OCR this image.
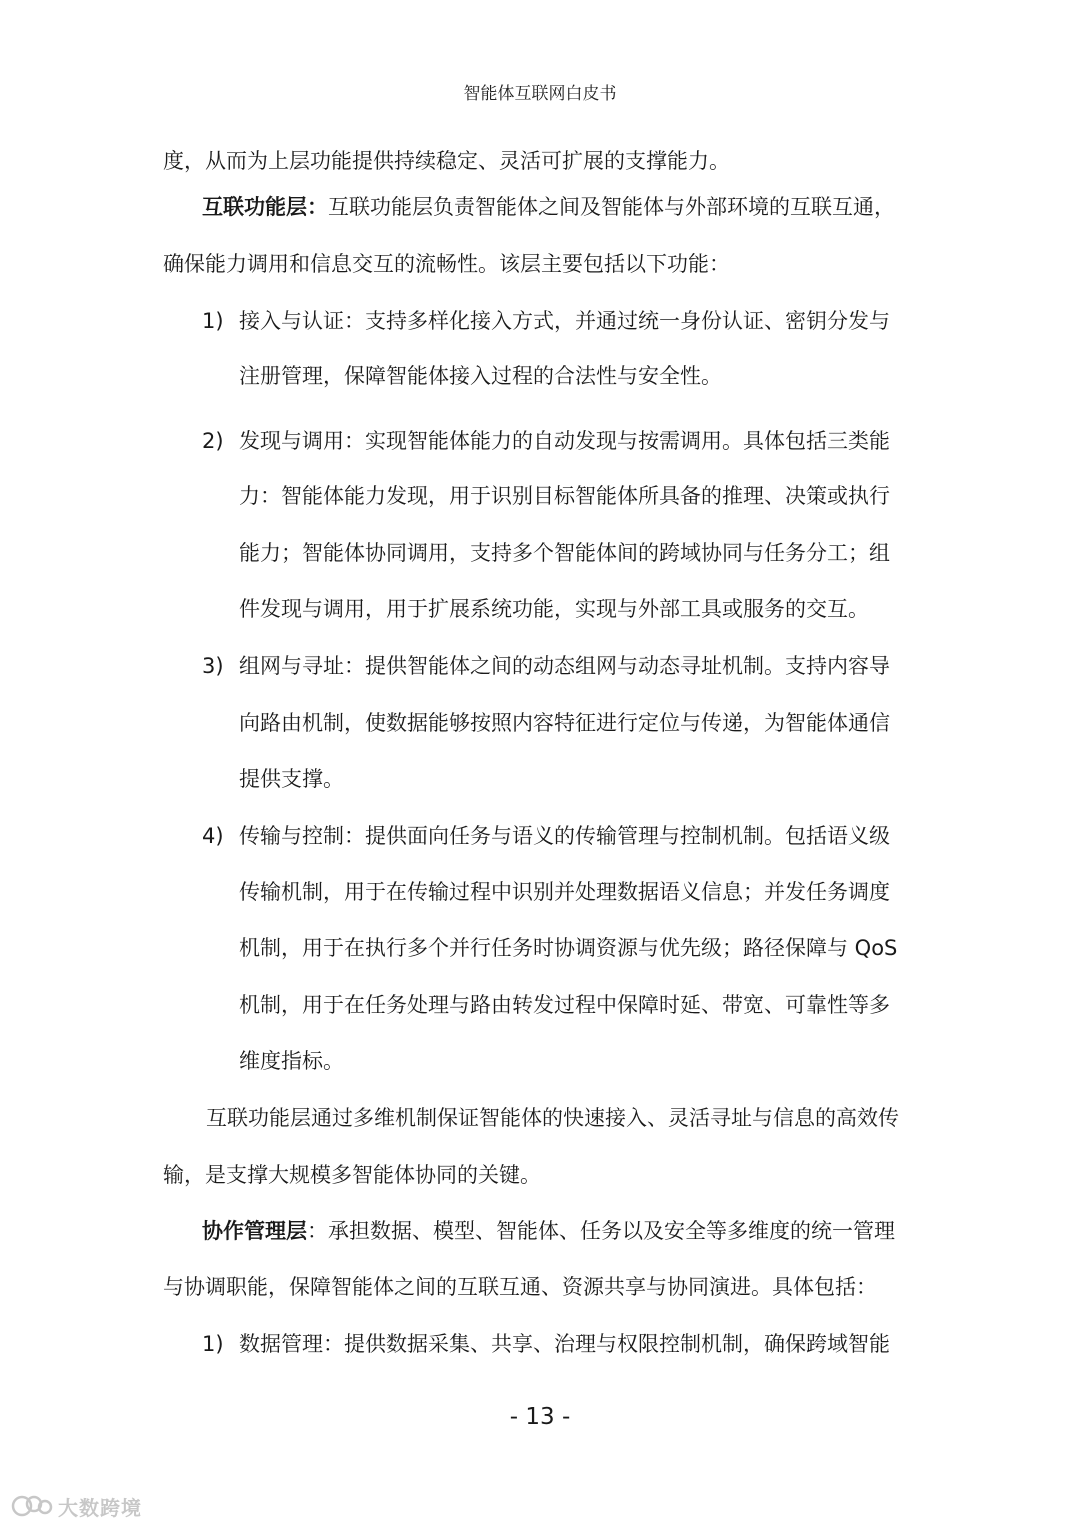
智能体互联网白皮书
度，从而为上层功能提供持续稳定、灵活可扩展的支撑能力。
互联功能层：互联功能层负责智能体之间及智能体与外部环境的互联互通，
确保能力调用和信息交互的流畅性。该层主要包括以下功能：
1) 接入与认证：支持多样化接入方式，并通过统一身份认证、密钥分发与
注册管理，保障智能体接入过程的合法性与安全性。
2) 发现与调用：实现智能体能力的自动发现与按需调用。具体包括三类能
力：智能体能力发现，用于识别目标智能体所具备的推理、决策或执行
能力；智能体协同调用，支持多个智能体间的跨域协同与任务分工；组
件发现与调用，用于扩展系统功能，实现与外部工具或服务的交互。
3) 组网与寻址：提供智能体之间的动态组网与动态寻址机制。支持内容导
向路由机制，使数据能够按照内容特征进行定位与传递，为智能体通信
提供支撑。
4) 传输与控制：提供面向任务与语义的传输管理与控制机制。包括语义级
传输机制，用于在传输过程中识别并处理数据语义信息；并发任务调度
机制，用于在执行多个并行任务时协调资源与优先级；路径保障与 QoS
机制，用于在任务处理与路由转发过程中保障时延、带宽、可靠性等多
维度指标。
互联功能层通过多维机制保证智能体的快速接入、灵活寻址与信息的高效传
输，是支撑大规模多智能体协同的关键。
协作管理层：承担数据、模型、智能体、任务以及安全等多维度的统一管理
与协调职能，保障智能体之间的互联互通、资源共享与协同演进。具体包括：
1) 数据管理：提供数据采集、共享、治理与权限控制机制，确保跨域智能
- 13 -
大数跨境
